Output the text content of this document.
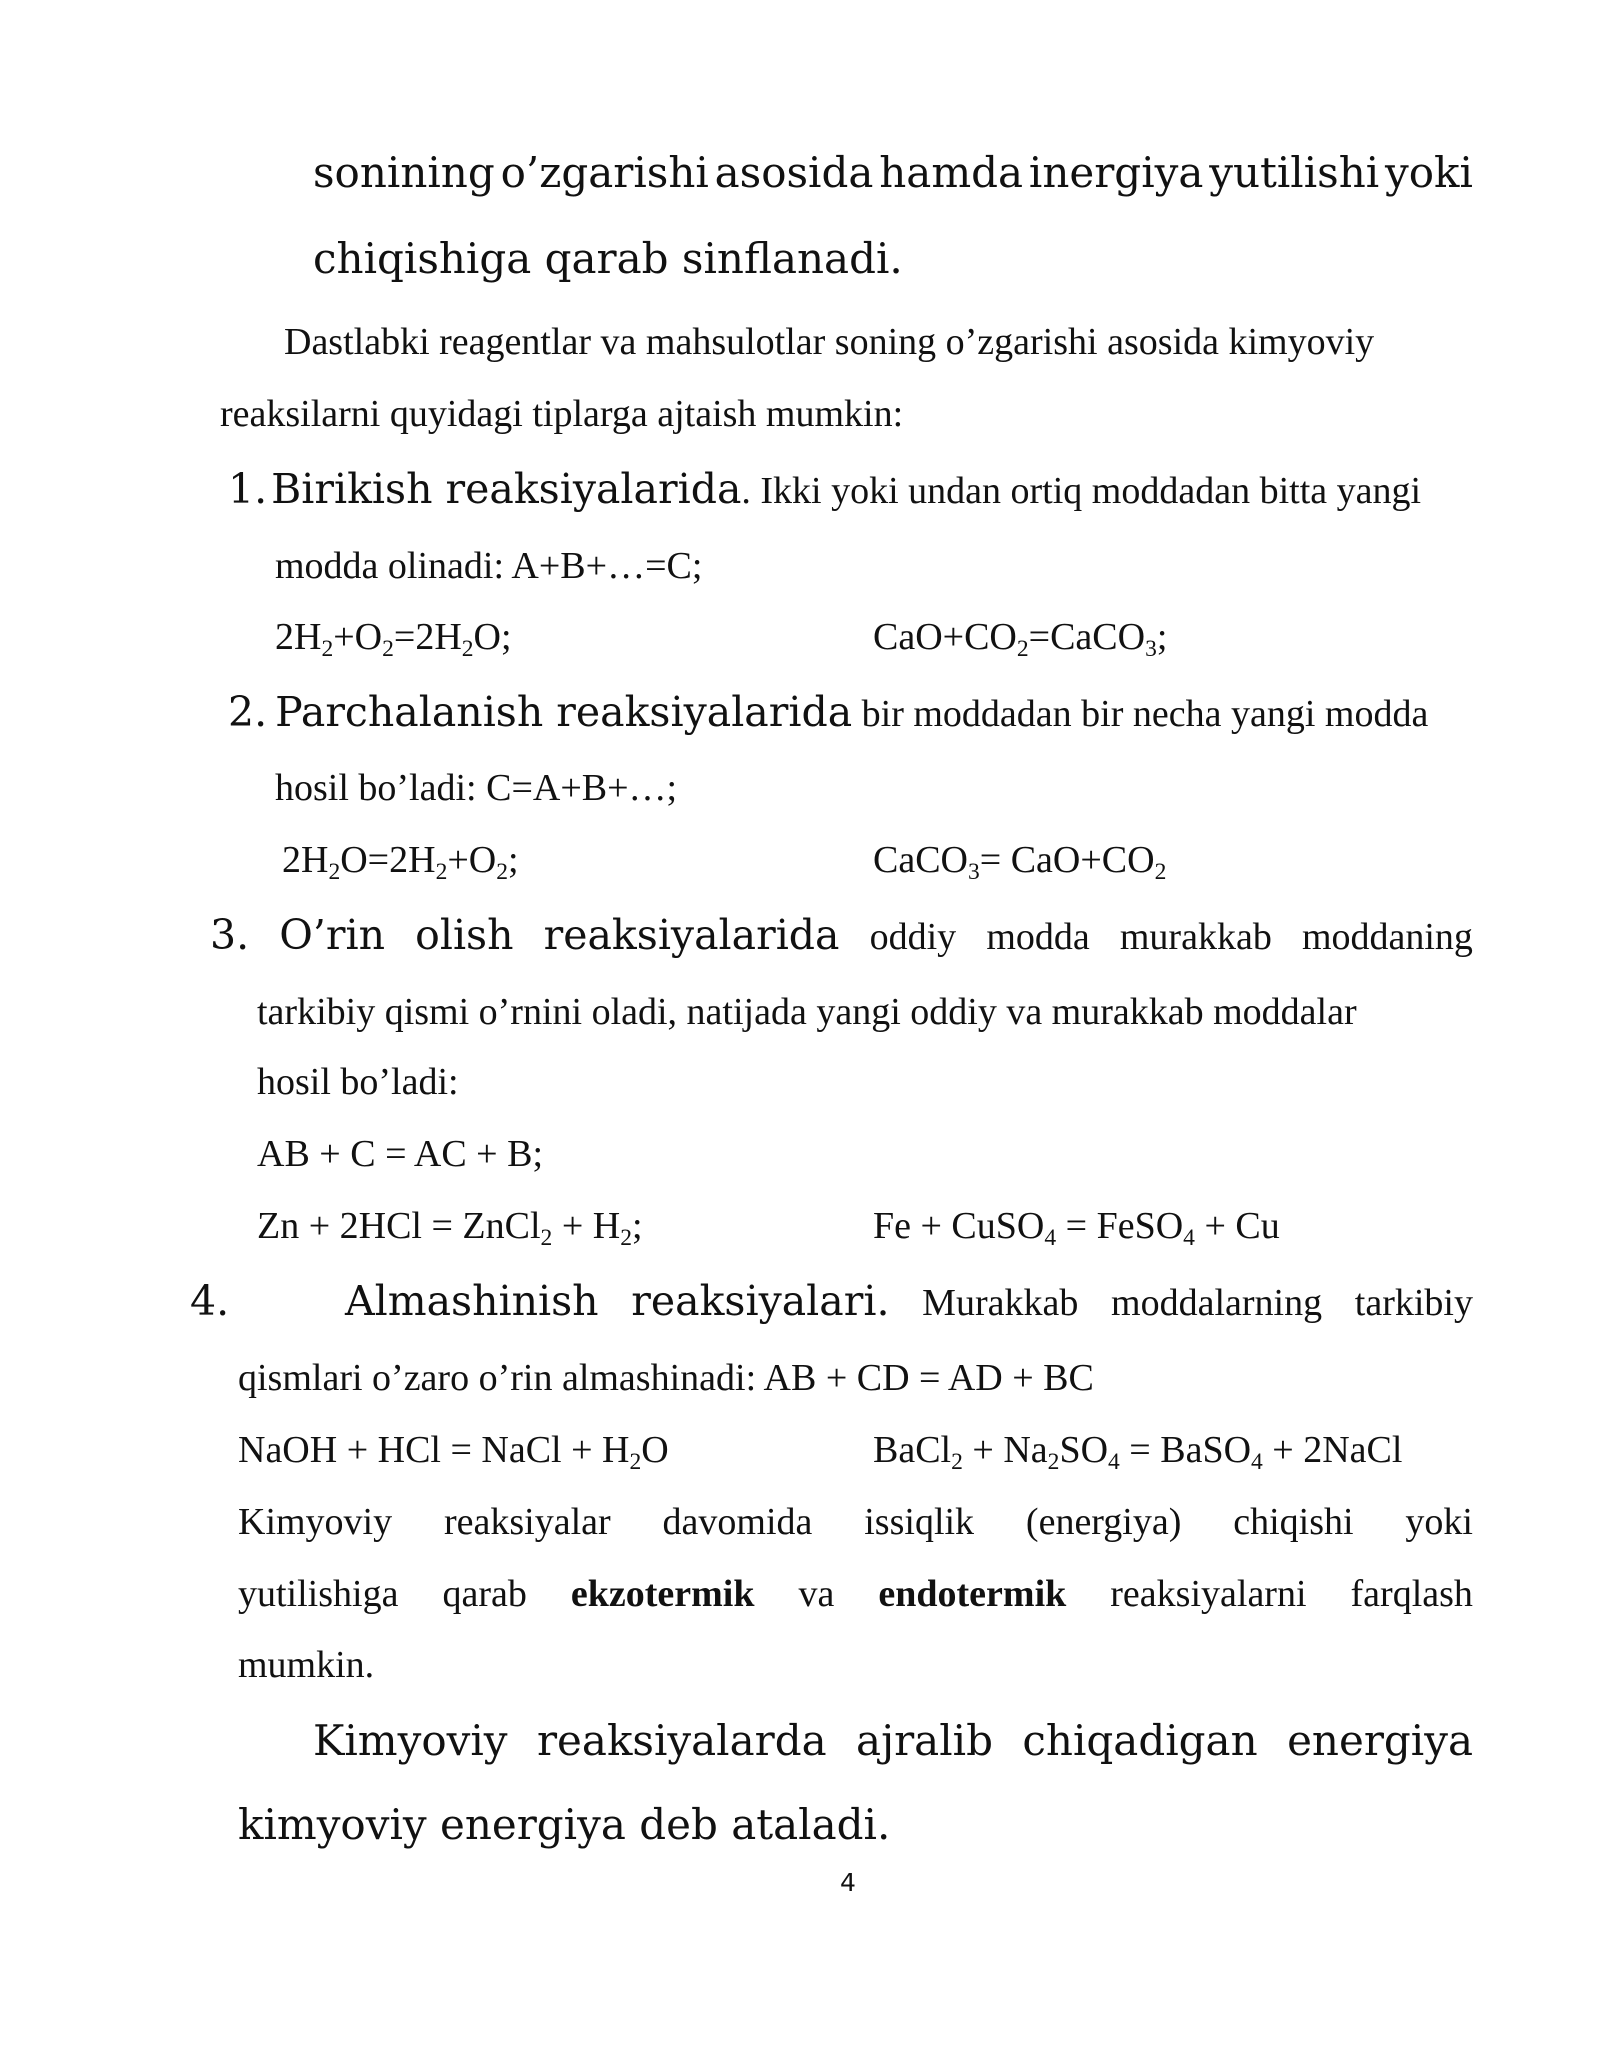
sonining o’zgarishi asosida hamda inergiya yutilishi yoki
chiqishiga qarab sinflanadi.
Dastlabki reagentlar va mahsulotlar soning o’zgarishi asosida kimyoviy
reaksilarni quyidagi tiplarga ajtaish mumkin:
1. Birikish reaksiyalarida. Ikki yoki undan ortiq moddadan bitta yangi
modda olinadi: A+B+…=C;
$2H_2+O_2=2H_2O$;	$CaO+CO_2=CaCO_3$;
2. Parchalanish reaksiyalarida bir moddadan bir necha yangi modda
hosil bo’ladi: C=A+B+…;
$2H_2O=2H_2+O_2$;	CaCO$_3$= $CaO+CO_2$
3. O’rin olish reaksiyalarida oddiy modda murakkab moddaning
tarkibiy qismi o’rnini oladi, natijada yangi oddiy va murakkab moddalar
hosil bo’ladi:
AB + C = AC + B;
Zn + 2HCl = ZnCl$_2$ + $H_2$;	Fe + CuSO$_4$ = FeSO$_4$ + Cu
4.	Almashinish reaksiyalari. Murakkab moddalarning tarkibiy
qismlari o’zaro o’rin almashinadi: AB + CD = AD + BC
NaOH + HCl = NaCl + $H_2O$	BaCl$_2$ + $Na_2SO_4$ = BaSO$_4$ + 2NaCl
Kimyoviy reaksiyalar davomida issiqlik (energiya) chiqishi yoki
yutilishiga qarab ekzotermik va endotermik reaksiyalarni farqlash
mumkin.
Kimyoviy reaksiyalarda ajralib chiqadigan energiya
kimyoviy energiya deb ataladi.
4
